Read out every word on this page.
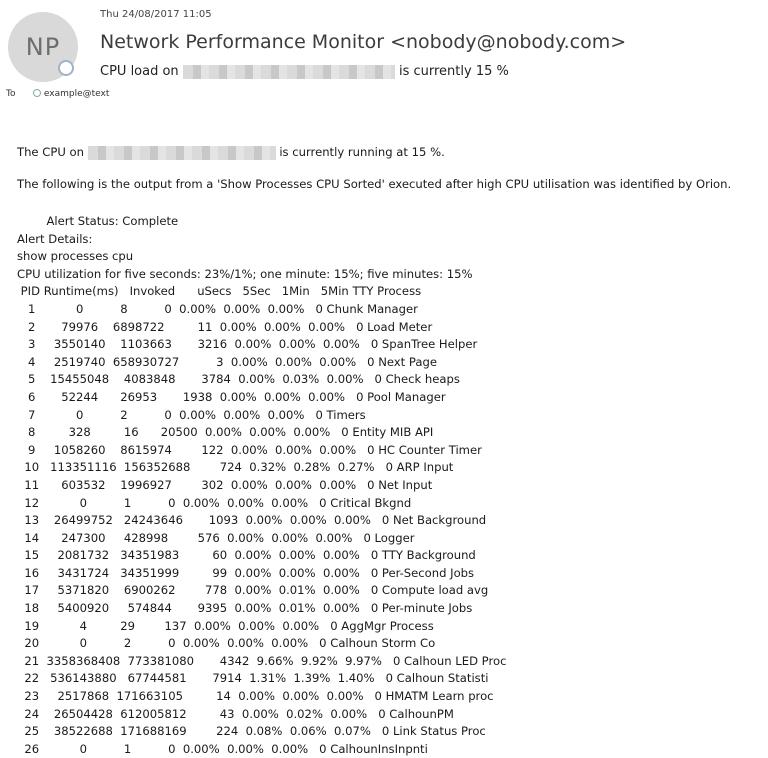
Thu 24/08/2017 11:05
NP	Network Performance Monitor <nobody@nobody.com>
CPU load on	is currently 15 %
To	example@text

The CPU on	is currently running at 15 %.

The following is the output from a 'Show Processes CPU Sorted' executed after high CPU utilisation was identified by Orion.

Alert Status: Complete
Alert Details:
show processes cpu
CPU utilization for five seconds: 23%/1%; one minute: 15%; five minutes: 15%
PID Runtime(ms)   Invoked      uSecs   5Sec   1Min   5Min TTY Process
1           0          8          0  0.00%  0.00%  0.00%   0 Chunk Manager
2       79976    6898722         11  0.00%  0.00%  0.00%   0 Load Meter
3     3550140    1103663       3216  0.00%  0.00%  0.00%   0 SpanTree Helper
4     2519740  658930727          3  0.00%  0.00%  0.00%   0 Next Page
5    15455048    4083848       3784  0.00%  0.03%  0.00%   0 Check heaps
6       52244      26953       1938  0.00%  0.00%  0.00%   0 Pool Manager
7           0          2          0  0.00%  0.00%  0.00%   0 Timers
8         328         16      20500  0.00%  0.00%  0.00%   0 Entity MIB API
9     1058260    8615974        122  0.00%  0.00%  0.00%   0 HC Counter Timer
10   113351116  156352688        724  0.32%  0.28%  0.27%   0 ARP Input
11      603532    1996927        302  0.00%  0.00%  0.00%   0 Net Input
12           0          1          0  0.00%  0.00%  0.00%   0 Critical Bkgnd
13    26499752   24243646       1093  0.00%  0.00%  0.00%   0 Net Background
14      247300     428998        576  0.00%  0.00%  0.00%   0 Logger
15     2081732   34351983         60  0.00%  0.00%  0.00%   0 TTY Background
16     3431724   34351999         99  0.00%  0.00%  0.00%   0 Per-Second Jobs
17     5371820    6900262        778  0.00%  0.01%  0.00%   0 Compute load avg
18     5400920     574844       9395  0.00%  0.01%  0.00%   0 Per-minute Jobs
19           4         29        137  0.00%  0.00%  0.00%   0 AggMgr Process
20           0          2          0  0.00%  0.00%  0.00%   0 Calhoun Storm Co
21  3358368408  773381080       4342  9.66%  9.92%  9.97%   0 Calhoun LED Proc
22   536143880   67744581       7914  1.31%  1.39%  1.40%   0 Calhoun Statisti
23     2517868  171663105         14  0.00%  0.00%  0.00%   0 HMATM Learn proc
24    26504428  612005812         43  0.00%  0.02%  0.00%   0 CalhounPM
25    38522688  171688169        224  0.08%  0.06%  0.07%   0 Link Status Proc
26           0          1          0  0.00%  0.00%  0.00%   0 CalhounInsInpnti
